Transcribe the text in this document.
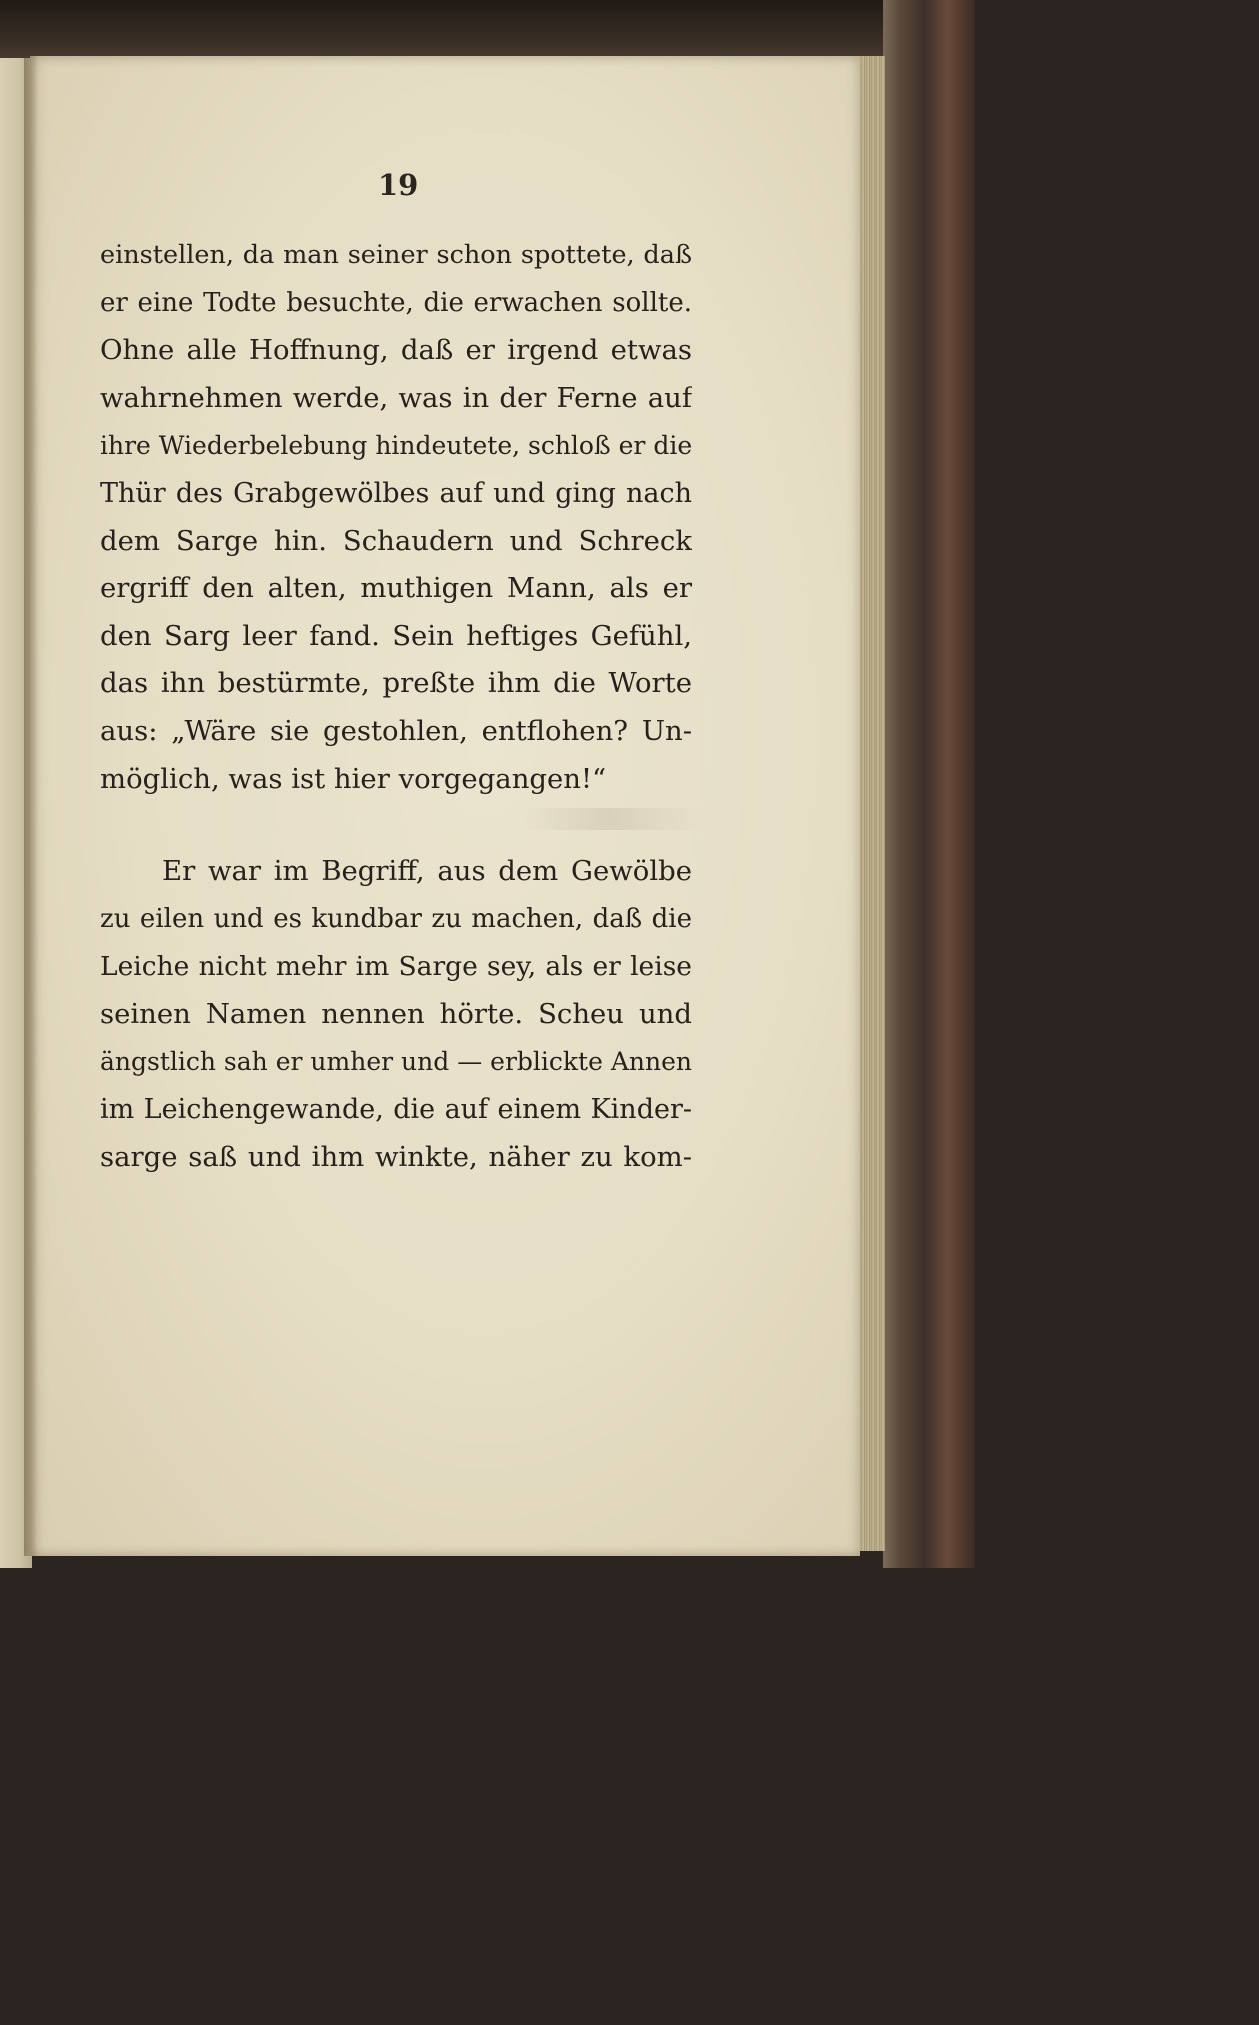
19
einstellen, da man seiner schon spottete, daß
er eine Todte besuchte, die erwachen sollte.
Ohne alle Hoffnung, daß er irgend etwas
wahrnehmen werde, was in der Ferne auf
ihre Wiederbelebung hindeutete, schloß er die
Thür des Grabgewölbes auf und ging nach
dem Sarge hin. Schaudern und Schreck
ergriff den alten, muthigen Mann, als er
den Sarg leer fand. Sein heftiges Gefühl,
das ihn bestürmte, preßte ihm die Worte
aus: „Wäre sie gestohlen, entflohen? Un-
möglich, was ist hier vorgegangen!“
Er war im Begriff, aus dem Gewölbe
zu eilen und es kundbar zu machen, daß die
Leiche nicht mehr im Sarge sey, als er leise
seinen Namen nennen hörte. Scheu und
ängstlich sah er umher und — erblickte Annen
im Leichengewande, die auf einem Kinder-
sarge saß und ihm winkte, näher zu kom-
